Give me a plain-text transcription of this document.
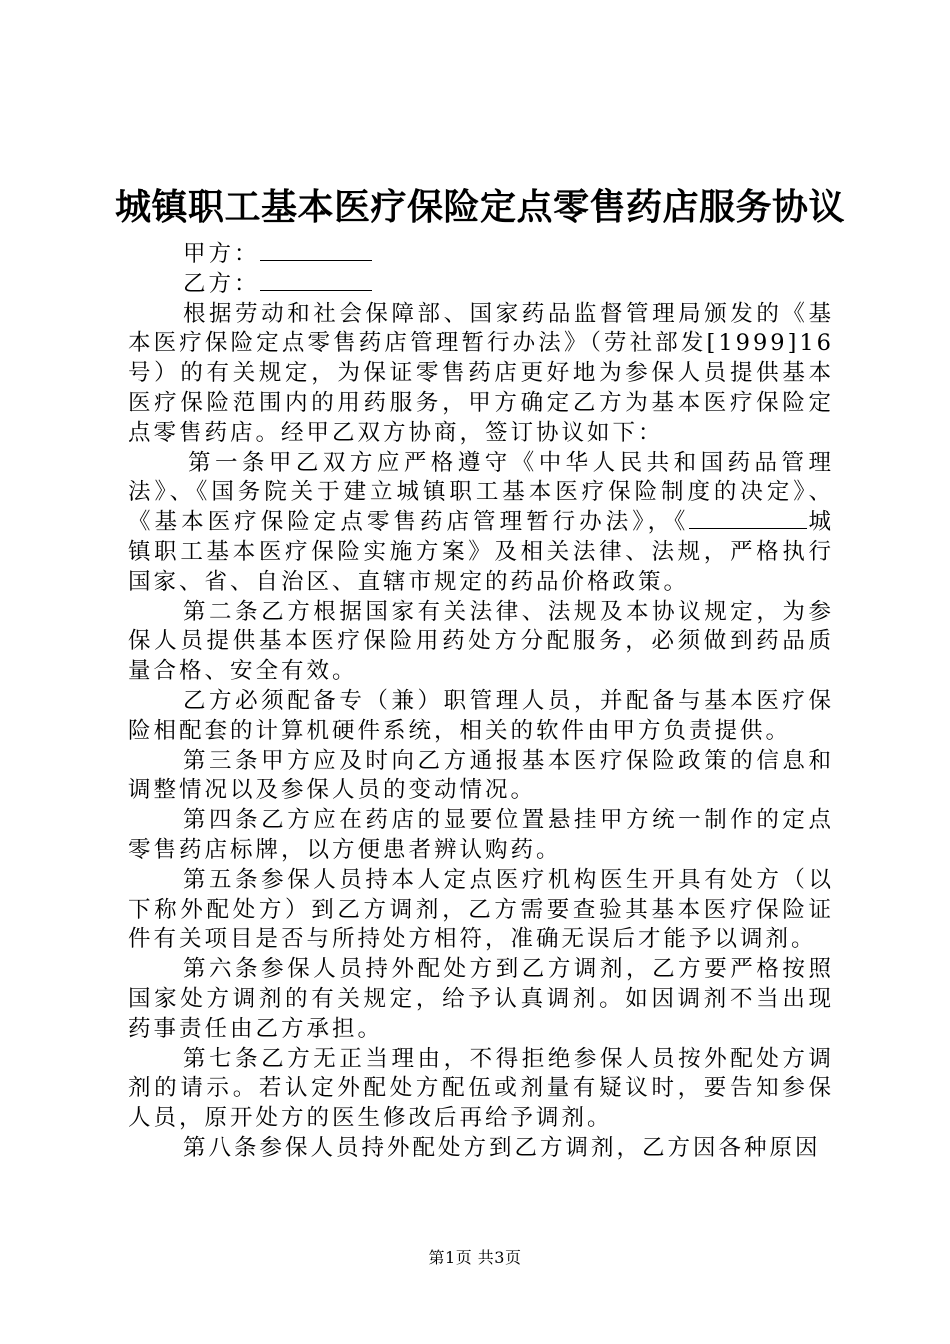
城镇职工基本医疗保险定点零售药店服务协议

甲方：

乙方：

根据劳动和社会保障部、国家药品监督管理局颁发的《基本医疗保险定点零售药店管理暂行办法》（劳社部发[1999]16号）的有关规定，为保证零售药店更好地为参保人员提供基本医疗保险范围内的用药服务，甲方确定乙方为基本医疗保险定点零售药店。经甲乙双方协商，签订协议如下：

第一条甲乙双方应严格遵守《中华人民共和国药品管理法》、《国务院关于建立城镇职工基本医疗保险制度的决定》、《基本医疗保险定点零售药店管理暂行办法》，《	城镇职工基本医疗保险实施方案》及相关法律、法规，严格执行国家、省、自治区、直辖市规定的药品价格政策。

第二条乙方根据国家有关法律、法规及本协议规定，为参保人员提供基本医疗保险用药处方分配服务，必须做到药品质量合格、安全有效。

乙方必须配备专（兼）职管理人员，并配备与基本医疗保险相配套的计算机硬件系统，相关的软件由甲方负责提供。

第三条甲方应及时向乙方通报基本医疗保险政策的信息和调整情况以及参保人员的变动情况。

第四条乙方应在药店的显要位置悬挂甲方统一制作的定点零售药店标牌，以方便患者辨认购药。

第五条参保人员持本人定点医疗机构医生开具有处方（以下称外配处方）到乙方调剂，乙方需要查验其基本医疗保险证件有关项目是否与所持处方相符，准确无误后才能予以调剂。

第六条参保人员持外配处方到乙方调剂，乙方要严格按照国家处方调剂的有关规定，给予认真调剂。如因调剂不当出现药事责任由乙方承担。

第七条乙方无正当理由，不得拒绝参保人员按外配处方调剂的请示。若认定外配处方配伍或剂量有疑议时，要告知参保人员，原开处方的医生修改后再给予调剂。

第八条参保人员持外配处方到乙方调剂，乙方因各种原因

第1页 共3页
